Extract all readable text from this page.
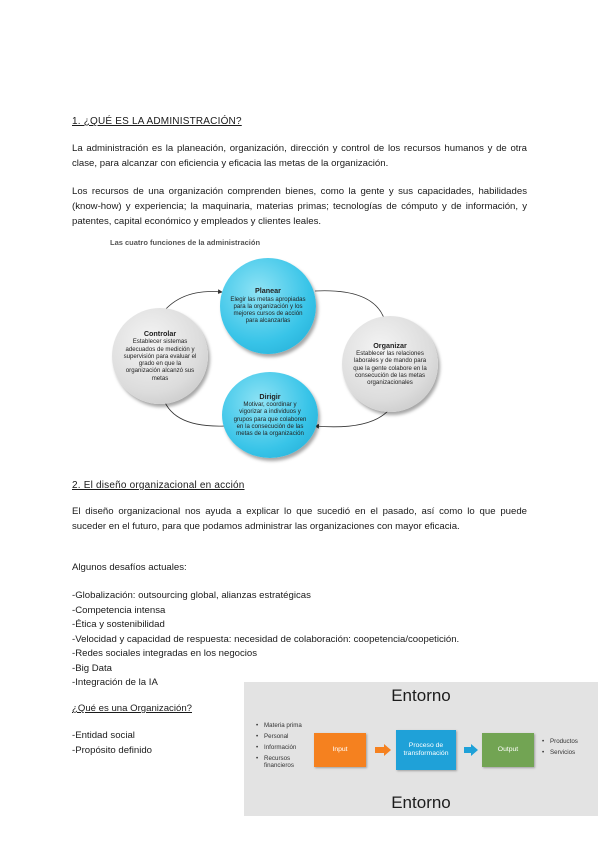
1. ¿QUÉ ES LA ADMINISTRACIÓN?
La administración es la planeación, organización, dirección y control de los recursos humanos y de otra clase, para alcanzar con eficiencia y eficacia las metas de la organización.
Los recursos de una organización comprenden bienes, como la gente y sus capacidades, habilidades (know-how) y experiencia; la maquinaria, materias primas; tecnologías de cómputo y de información, y patentes, capital económico y empleados y clientes leales.
Las cuatro funciones de la administración
Planear
Elegir las metas apropiadas para la organización y los mejores cursos de acción para alcanzarlas
Organizar
Establecer las relaciones laborales y de mando para que la gente colabore en la consecución de las metas organizacionales
Dirigir
Motivar, coordinar y vigorizar a individuos y grupos para que colaboren en la consecución de las metas de la organización
Controlar
Establecer sistemas adecuados de medición y supervisión para evaluar el grado en que la organización alcanzó sus metas
2. El diseño organizacional en acción
El diseño organizacional nos ayuda a explicar lo que sucedió en el pasado, así como lo que puede suceder en el futuro, para que podamos administrar las organizaciones con mayor eficacia.
Algunos desafíos actuales:
-Globalización: outsourcing global, alianzas estratégicas
-Competencia intensa
-Ética y sostenibilidad
-Velocidad y capacidad de respuesta: necesidad de colaboración: coopetencia/coopetición.
-Redes sociales integradas en los negocios
-Big Data
-Integración de la IA
¿Qué es una Organización?
-Entidad social
-Propósito definido
Entorno
Entorno
• Materia prima
• Personal
• Información
• Recursos financieros
Input
Proceso de transformación
Output
• Productos
• Servicios
